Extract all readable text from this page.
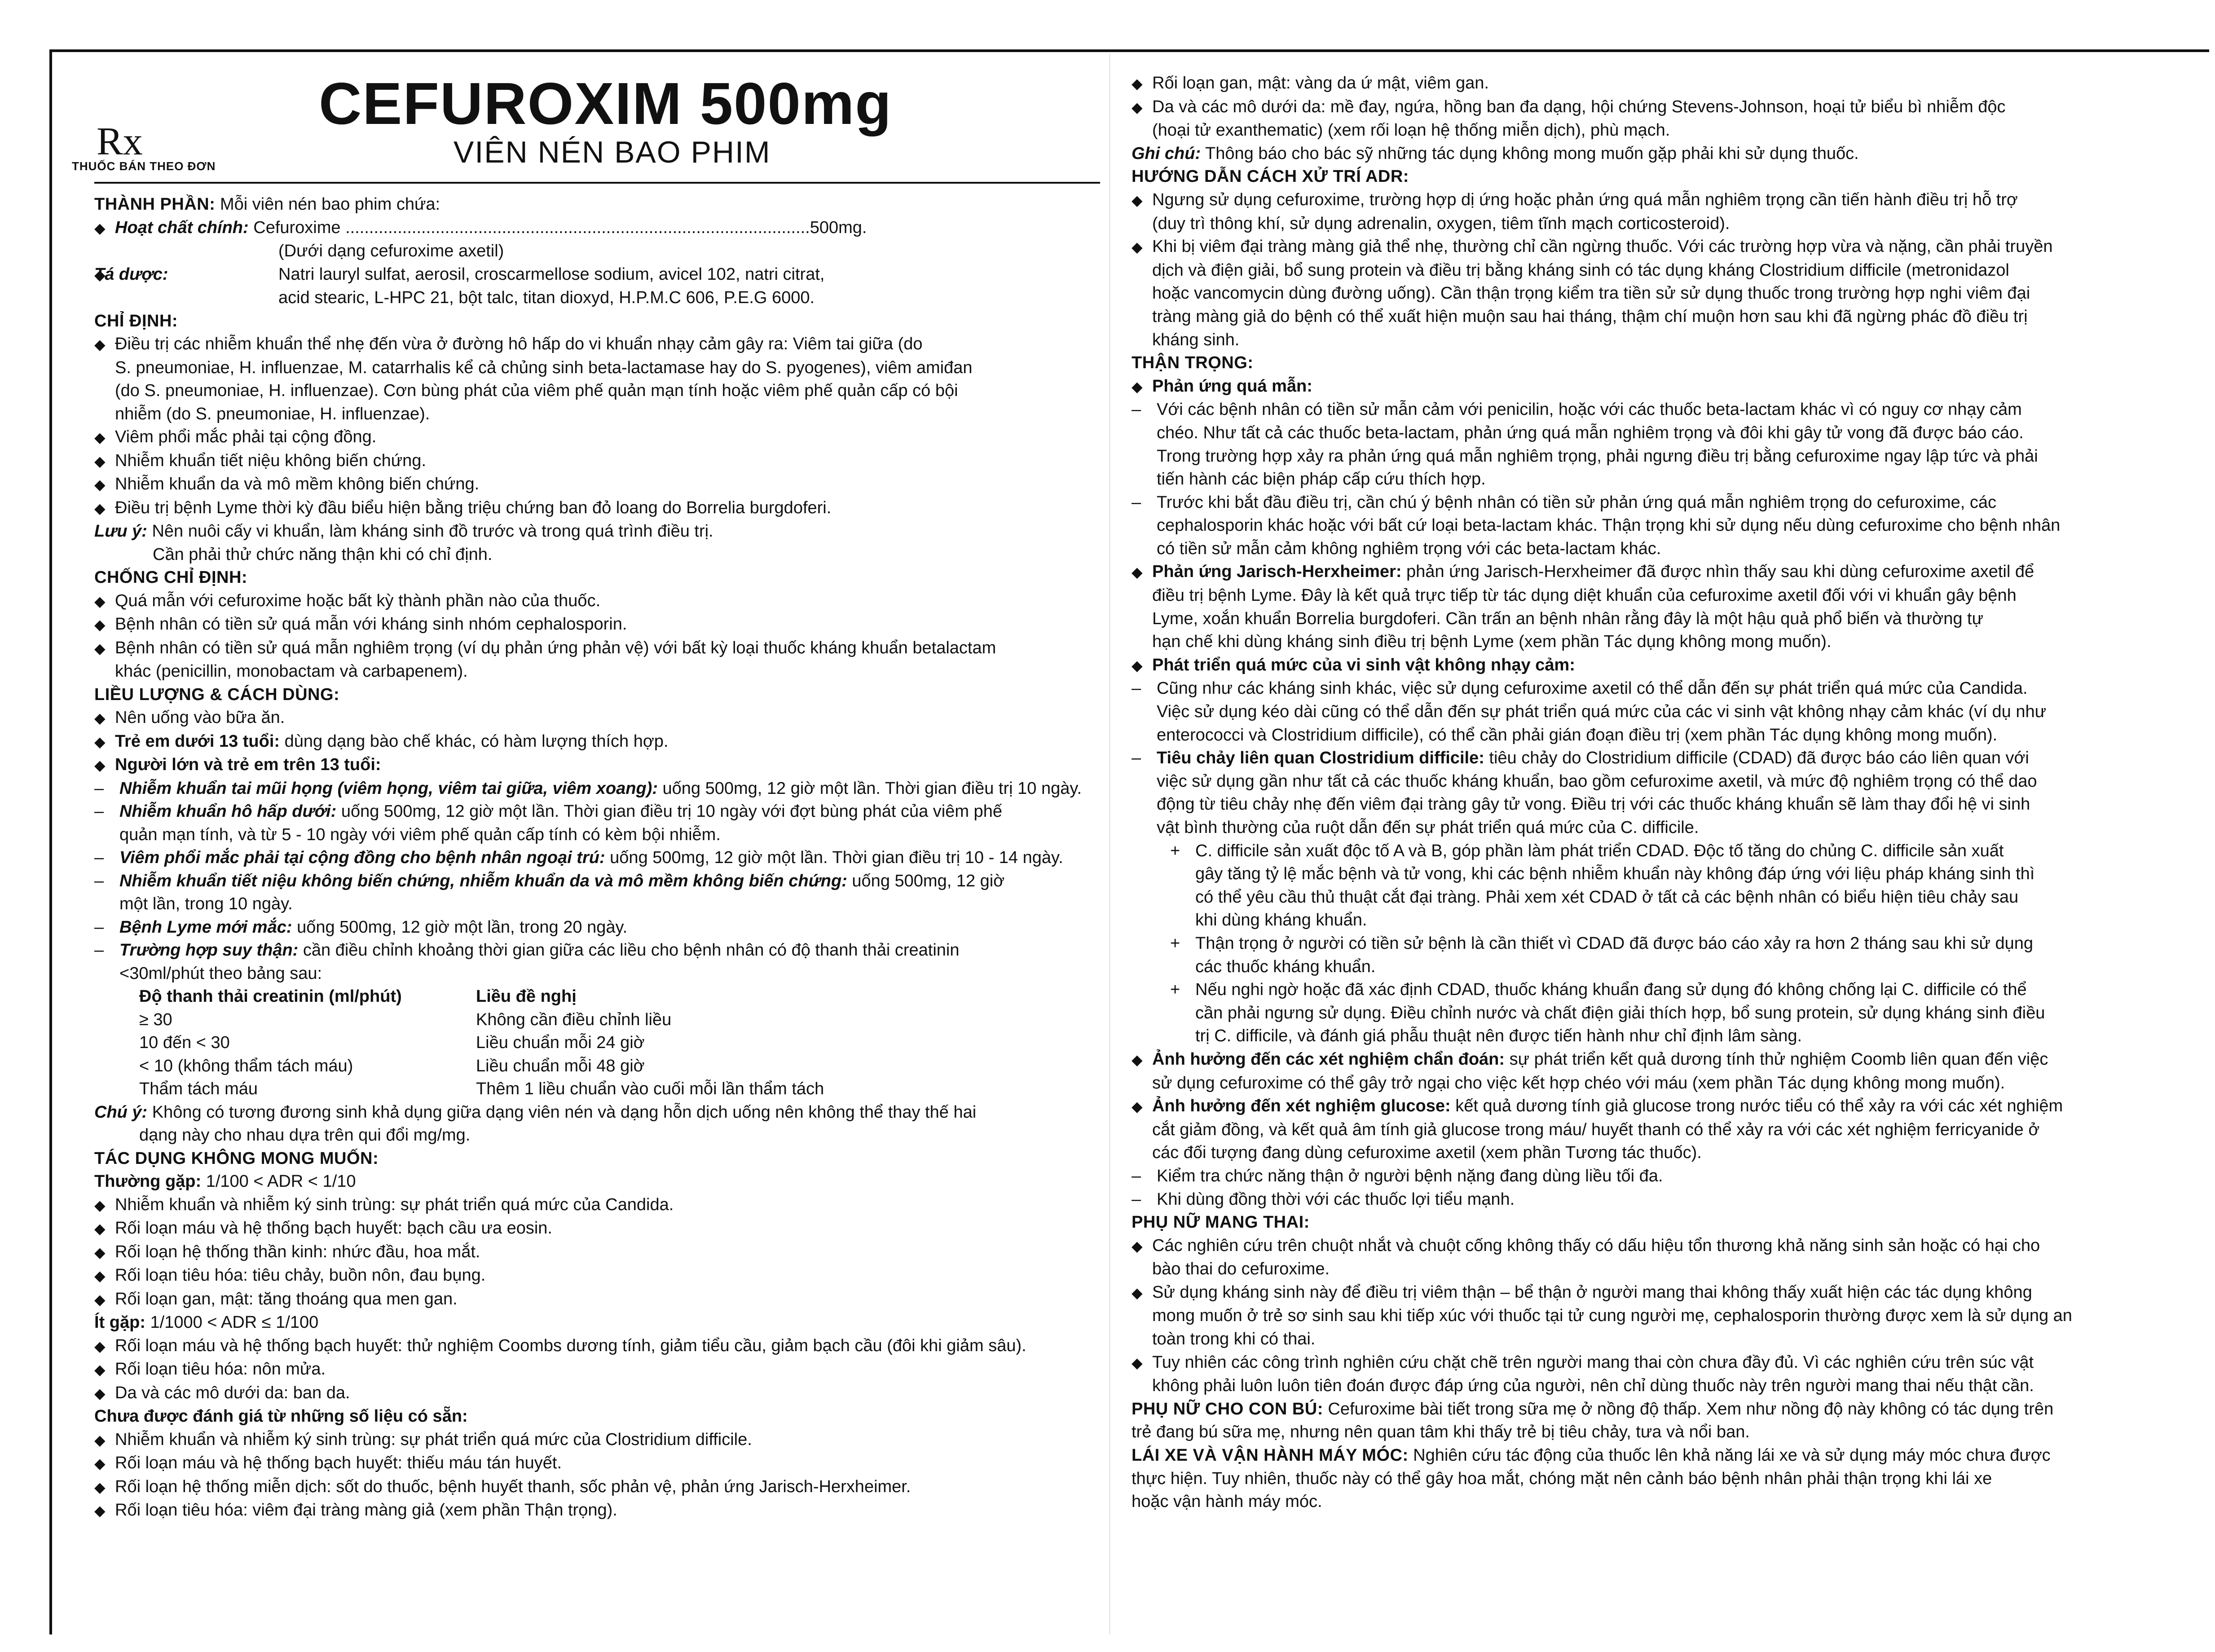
Rx
THUỐC BÁN THEO ĐƠN
CEFUROXIM 500mg
VIÊN NÉN BAO PHIM
THÀNH PHẦN: Mỗi viên nén bao phim chứa:
◆ Hoạt chất chính: Cefuroxime ..................................................................................................500mg.
(Dưới dạng cefuroxime axetil)
◆ Tá dược:	Natri lauryl sulfat, aerosil, croscarmellose sodium, avicel 102, natri citrat,
acid stearic, L-HPC 21, bột talc, titan dioxyd, H.P.M.C 606, P.E.G 6000.
CHỈ ĐỊNH:
◆ Điều trị các nhiễm khuẩn thể nhẹ đến vừa ở đường hô hấp do vi khuẩn nhạy cảm gây ra: Viêm tai giữa (do
S. pneumoniae, H. influenzae, M. catarrhalis kể cả chủng sinh beta-lactamase hay do S. pyogenes), viêm amiđan
(do S. pneumoniae, H. influenzae). Cơn bùng phát của viêm phế quản mạn tính hoặc viêm phế quản cấp có bội
nhiễm (do S. pneumoniae, H. influenzae).
◆ Viêm phổi mắc phải tại cộng đồng.
◆ Nhiễm khuẩn tiết niệu không biến chứng.
◆ Nhiễm khuẩn da và mô mềm không biến chứng.
◆ Điều trị bệnh Lyme thời kỳ đầu biểu hiện bằng triệu chứng ban đỏ loang do Borrelia burgdoferi.
Lưu ý: Nên nuôi cấy vi khuẩn, làm kháng sinh đồ trước và trong quá trình điều trị.
Cần phải thử chức năng thận khi có chỉ định.
CHỐNG CHỈ ĐỊNH:
◆ Quá mẫn với cefuroxime hoặc bất kỳ thành phần nào của thuốc.
◆ Bệnh nhân có tiền sử quá mẫn với kháng sinh nhóm cephalosporin.
◆ Bệnh nhân có tiền sử quá mẫn nghiêm trọng (ví dụ phản ứng phản vệ) với bất kỳ loại thuốc kháng khuẩn betalactam
khác (penicillin, monobactam và carbapenem).
LIỀU LƯỢNG & CÁCH DÙNG:
◆ Nên uống vào bữa ăn.
◆ Trẻ em dưới 13 tuổi: dùng dạng bào chế khác, có hàm lượng thích hợp.
◆ Người lớn và trẻ em trên 13 tuổi:
– Nhiễm khuẩn tai mũi họng (viêm họng, viêm tai giữa, viêm xoang): uống 500mg, 12 giờ một lần. Thời gian điều trị 10 ngày.
– Nhiễm khuẩn hô hấp dưới: uống 500mg, 12 giờ một lần. Thời gian điều trị 10 ngày với đợt bùng phát của viêm phế
quản mạn tính, và từ 5 - 10 ngày với viêm phế quản cấp tính có kèm bội nhiễm.
– Viêm phổi mắc phải tại cộng đồng cho bệnh nhân ngoại trú: uống 500mg, 12 giờ một lần. Thời gian điều trị 10 - 14 ngày.
– Nhiễm khuẩn tiết niệu không biến chứng, nhiễm khuẩn da và mô mềm không biến chứng: uống 500mg, 12 giờ
một lần, trong 10 ngày.
– Bệnh Lyme mới mắc: uống 500mg, 12 giờ một lần, trong 20 ngày.
– Trường hợp suy thận: cần điều chỉnh khoảng thời gian giữa các liều cho bệnh nhân có độ thanh thải creatinin
<30ml/phút theo bảng sau:
Độ thanh thải creatinin (ml/phút)	Liều đề nghị
≥ 30	Không cần điều chỉnh liều
10 đến < 30	Liều chuẩn mỗi 24 giờ
< 10 (không thẩm tách máu)	Liều chuẩn mỗi 48 giờ
Thẩm tách máu	Thêm 1 liều chuẩn vào cuối mỗi lần thẩm tách
Chú ý: Không có tương đương sinh khả dụng giữa dạng viên nén và dạng hỗn dịch uống nên không thể thay thế hai
dạng này cho nhau dựa trên qui đổi mg/mg.
TÁC DỤNG KHÔNG MONG MUỐN:
Thường gặp: 1/100 < ADR < 1/10
◆ Nhiễm khuẩn và nhiễm ký sinh trùng: sự phát triển quá mức của Candida.
◆ Rối loạn máu và hệ thống bạch huyết: bạch cầu ưa eosin.
◆ Rối loạn hệ thống thần kinh: nhức đầu, hoa mắt.
◆ Rối loạn tiêu hóa: tiêu chảy, buồn nôn, đau bụng.
◆ Rối loạn gan, mật: tăng thoáng qua men gan.
Ít gặp: 1/1000 < ADR ≤ 1/100
◆ Rối loạn máu và hệ thống bạch huyết: thử nghiệm Coombs dương tính, giảm tiểu cầu, giảm bạch cầu (đôi khi giảm sâu).
◆ Rối loạn tiêu hóa: nôn mửa.
◆ Da và các mô dưới da: ban da.
Chưa được đánh giá từ những số liệu có sẵn:
◆ Nhiễm khuẩn và nhiễm ký sinh trùng: sự phát triển quá mức của Clostridium difficile.
◆ Rối loạn máu và hệ thống bạch huyết: thiếu máu tán huyết.
◆ Rối loạn hệ thống miễn dịch: sốt do thuốc, bệnh huyết thanh, sốc phản vệ, phản ứng Jarisch-Herxheimer.
◆ Rối loạn tiêu hóa: viêm đại tràng màng giả (xem phần Thận trọng).
◆ Rối loạn gan, mật: vàng da ứ mật, viêm gan.
◆ Da và các mô dưới da: mề đay, ngứa, hồng ban đa dạng, hội chứng Stevens-Johnson, hoại tử biểu bì nhiễm độc
(hoại tử exanthematic) (xem rối loạn hệ thống miễn dịch), phù mạch.
Ghi chú: Thông báo cho bác sỹ những tác dụng không mong muốn gặp phải khi sử dụng thuốc.
HƯỚNG DẪN CÁCH XỬ TRÍ ADR:
◆ Ngưng sử dụng cefuroxime, trường hợp dị ứng hoặc phản ứng quá mẫn nghiêm trọng cần tiến hành điều trị hỗ trợ
(duy trì thông khí, sử dụng adrenalin, oxygen, tiêm tĩnh mạch corticosteroid).
◆ Khi bị viêm đại tràng màng giả thể nhẹ, thường chỉ cần ngừng thuốc. Với các trường hợp vừa và nặng, cần phải truyền
dịch và điện giải, bổ sung protein và điều trị bằng kháng sinh có tác dụng kháng Clostridium difficile (metronidazol
hoặc vancomycin dùng đường uống). Cần thận trọng kiểm tra tiền sử sử dụng thuốc trong trường hợp nghi viêm đại
tràng màng giả do bệnh có thể xuất hiện muộn sau hai tháng, thậm chí muộn hơn sau khi đã ngừng phác đồ điều trị
kháng sinh.
THẬN TRỌNG:
◆ Phản ứng quá mẫn:
– Với các bệnh nhân có tiền sử mẫn cảm với penicilin, hoặc với các thuốc beta-lactam khác vì có nguy cơ nhạy cảm
chéo. Như tất cả các thuốc beta-lactam, phản ứng quá mẫn nghiêm trọng và đôi khi gây tử vong đã được báo cáo.
Trong trường hợp xảy ra phản ứng quá mẫn nghiêm trọng, phải ngưng điều trị bằng cefuroxime ngay lập tức và phải
tiến hành các biện pháp cấp cứu thích hợp.
– Trước khi bắt đầu điều trị, cần chú ý bệnh nhân có tiền sử phản ứng quá mẫn nghiêm trọng do cefuroxime, các
cephalosporin khác hoặc với bất cứ loại beta-lactam khác. Thận trọng khi sử dụng nếu dùng cefuroxime cho bệnh nhân
có tiền sử mẫn cảm không nghiêm trọng với các beta-lactam khác.
◆ Phản ứng Jarisch-Herxheimer: phản ứng Jarisch-Herxheimer đã được nhìn thấy sau khi dùng cefuroxime axetil để
điều trị bệnh Lyme. Đây là kết quả trực tiếp từ tác dụng diệt khuẩn của cefuroxime axetil đối với vi khuẩn gây bệnh
Lyme, xoắn khuẩn Borrelia burgdoferi. Cần trấn an bệnh nhân rằng đây là một hậu quả phổ biến và thường tự
hạn chế khi dùng kháng sinh điều trị bệnh Lyme (xem phần Tác dụng không mong muốn).
◆ Phát triển quá mức của vi sinh vật không nhạy cảm:
– Cũng như các kháng sinh khác, việc sử dụng cefuroxime axetil có thể dẫn đến sự phát triển quá mức của Candida.
Việc sử dụng kéo dài cũng có thể dẫn đến sự phát triển quá mức của các vi sinh vật không nhạy cảm khác (ví dụ như
enterococci và Clostridium difficile), có thể cần phải gián đoạn điều trị (xem phần Tác dụng không mong muốn).
– Tiêu chảy liên quan Clostridium difficile: tiêu chảy do Clostridium difficile (CDAD) đã được báo cáo liên quan với
việc sử dụng gần như tất cả các thuốc kháng khuẩn, bao gồm cefuroxime axetil, và mức độ nghiêm trọng có thể dao
động từ tiêu chảy nhẹ đến viêm đại tràng gây tử vong. Điều trị với các thuốc kháng khuẩn sẽ làm thay đổi hệ vi sinh
vật bình thường của ruột dẫn đến sự phát triển quá mức của C. difficile.
+ C. difficile sản xuất độc tố A và B, góp phần làm phát triển CDAD. Độc tố tăng do chủng C. difficile sản xuất
gây tăng tỷ lệ mắc bệnh và tử vong, khi các bệnh nhiễm khuẩn này không đáp ứng với liệu pháp kháng sinh thì
có thể yêu cầu thủ thuật cắt đại tràng. Phải xem xét CDAD ở tất cả các bệnh nhân có biểu hiện tiêu chảy sau
khi dùng kháng khuẩn.
+ Thận trọng ở người có tiền sử bệnh là cần thiết vì CDAD đã được báo cáo xảy ra hơn 2 tháng sau khi sử dụng
các thuốc kháng khuẩn.
+ Nếu nghi ngờ hoặc đã xác định CDAD, thuốc kháng khuẩn đang sử dụng đó không chống lại C. difficile có thể
cần phải ngưng sử dụng. Điều chỉnh nước và chất điện giải thích hợp, bổ sung protein, sử dụng kháng sinh điều
trị C. difficile, và đánh giá phẫu thuật nên được tiến hành như chỉ định lâm sàng.
◆ Ảnh hưởng đến các xét nghiệm chẩn đoán: sự phát triển kết quả dương tính thử nghiệm Coomb liên quan đến việc
sử dụng cefuroxime có thể gây trở ngại cho việc kết hợp chéo với máu (xem phần Tác dụng không mong muốn).
◆ Ảnh hưởng đến xét nghiệm glucose: kết quả dương tính giả glucose trong nước tiểu có thể xảy ra với các xét nghiệm
cắt giảm đồng, và kết quả âm tính giả glucose trong máu/ huyết thanh có thể xảy ra với các xét nghiệm ferricyanide ở
các đối tượng đang dùng cefuroxime axetil (xem phần Tương tác thuốc).
– Kiểm tra chức năng thận ở người bệnh nặng đang dùng liều tối đa.
– Khi dùng đồng thời với các thuốc lợi tiểu mạnh.
PHỤ NỮ MANG THAI:
◆ Các nghiên cứu trên chuột nhắt và chuột cống không thấy có dấu hiệu tổn thương khả năng sinh sản hoặc có hại cho
bào thai do cefuroxime.
◆ Sử dụng kháng sinh này để điều trị viêm thận – bể thận ở người mang thai không thấy xuất hiện các tác dụng không
mong muốn ở trẻ sơ sinh sau khi tiếp xúc với thuốc tại tử cung người mẹ, cephalosporin thường được xem là sử dụng an
toàn trong khi có thai.
◆ Tuy nhiên các công trình nghiên cứu chặt chẽ trên người mang thai còn chưa đầy đủ. Vì các nghiên cứu trên súc vật
không phải luôn luôn tiên đoán được đáp ứng của người, nên chỉ dùng thuốc này trên người mang thai nếu thật cần.
PHỤ NỮ CHO CON BÚ: Cefuroxime bài tiết trong sữa mẹ ở nồng độ thấp. Xem như nồng độ này không có tác dụng trên
trẻ đang bú sữa mẹ, nhưng nên quan tâm khi thấy trẻ bị tiêu chảy, tưa và nổi ban.
LÁI XE VÀ VẬN HÀNH MÁY MÓC: Nghiên cứu tác động của thuốc lên khả năng lái xe và sử dụng máy móc chưa được
thực hiện. Tuy nhiên, thuốc này có thể gây hoa mắt, chóng mặt nên cảnh báo bệnh nhân phải thận trọng khi lái xe
hoặc vận hành máy móc.
